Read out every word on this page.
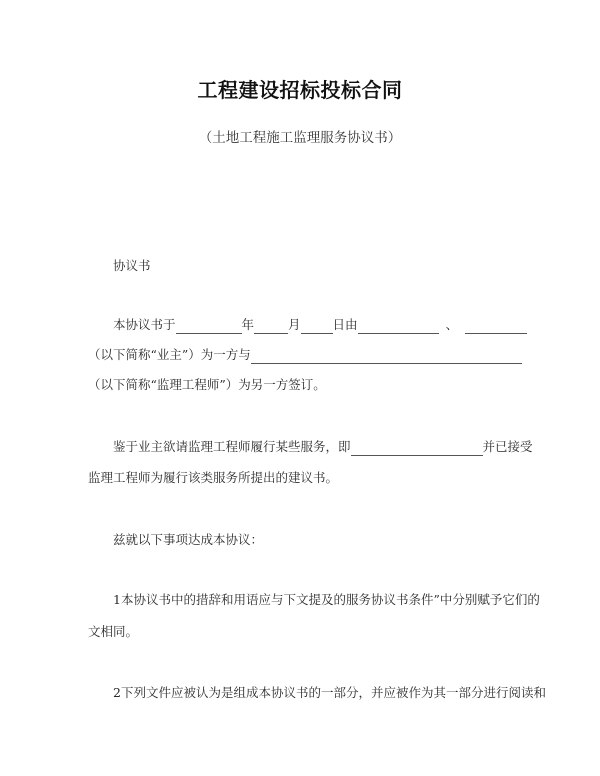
工程建设招标投标合同
（土地工程施工监理服务协议书）
协议书
本协议书于	年	月	日由	、
（以下简称“业主”）为一方与
（以下简称“监理工程师”）为另一方签订。
鉴于业主欲请监理工程师履行某些服务，即	并已接受
监理工程师为履行该类服务所提出的建议书。
兹就以下事项达成本协议：
1本协议书中的措辞和用语应与下文提及的服务协议书条件”中分别赋予它们的
文相同。
2下列文件应被认为是组成本协议书的一部分，并应被作为其一部分进行阅读和
